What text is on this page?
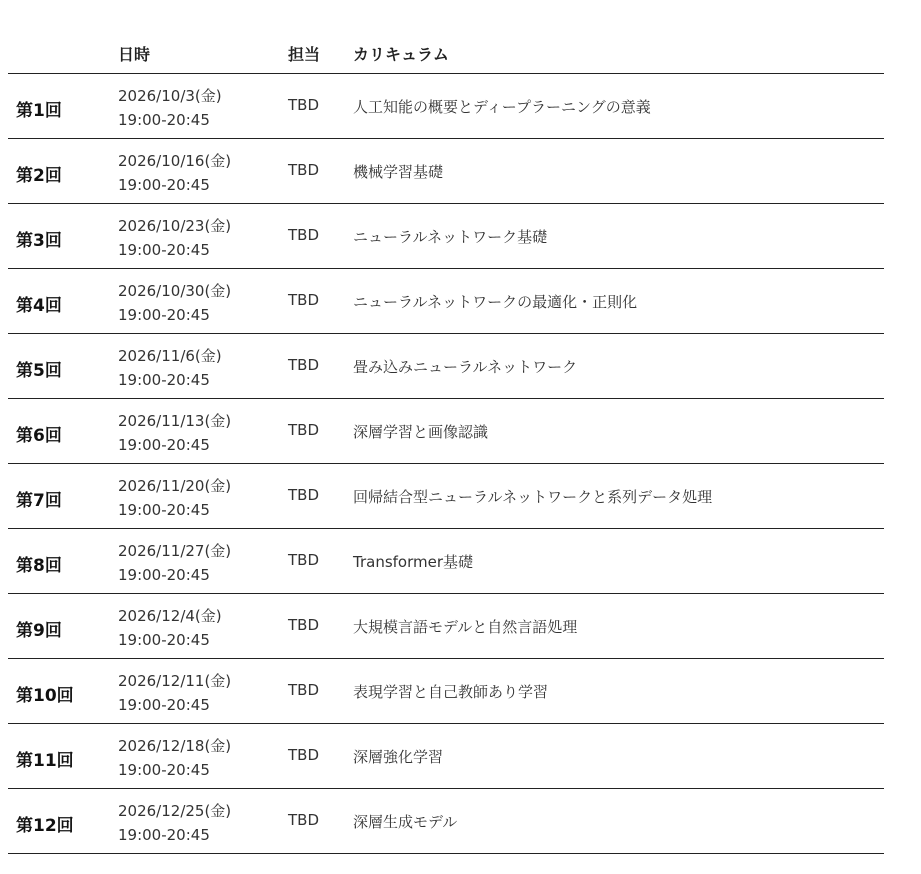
日時	担当 カリキュラム
第1回
2026/10/3(金)
19:00-20:45
TBD 人工知能の概要とディープラーニングの意義
第2回
2026/10/16(金)
19:00-20:45
TBD 機械学習基礎
第3回
2026/10/23(金)
19:00-20:45
TBD ニューラルネットワーク基礎
第4回
2026/10/30(金)
19:00-20:45
TBD ニューラルネットワークの最適化・正則化
第5回
2026/11/6(金)
19:00-20:45
TBD 畳み込みニューラルネットワーク
第6回
2026/11/13(金)
19:00-20:45
TBD 深層学習と画像認識
第7回
2026/11/20(金)
19:00-20:45
TBD 回帰結合型ニューラルネットワークと系列データ処理
第8回
2026/11/27(金)
19:00-20:45
TBD Transformer基礎
第9回
2026/12/4(金)
19:00-20:45
TBD 大規模言語モデルと自然言語処理
第10回
2026/12/11(金)
19:00-20:45
TBD 表現学習と自己教師あり学習
第11回
2026/12/18(金)
19:00-20:45
TBD 深層強化学習
第12回
2026/12/25(金)
19:00-20:45
TBD 深層生成モデル
